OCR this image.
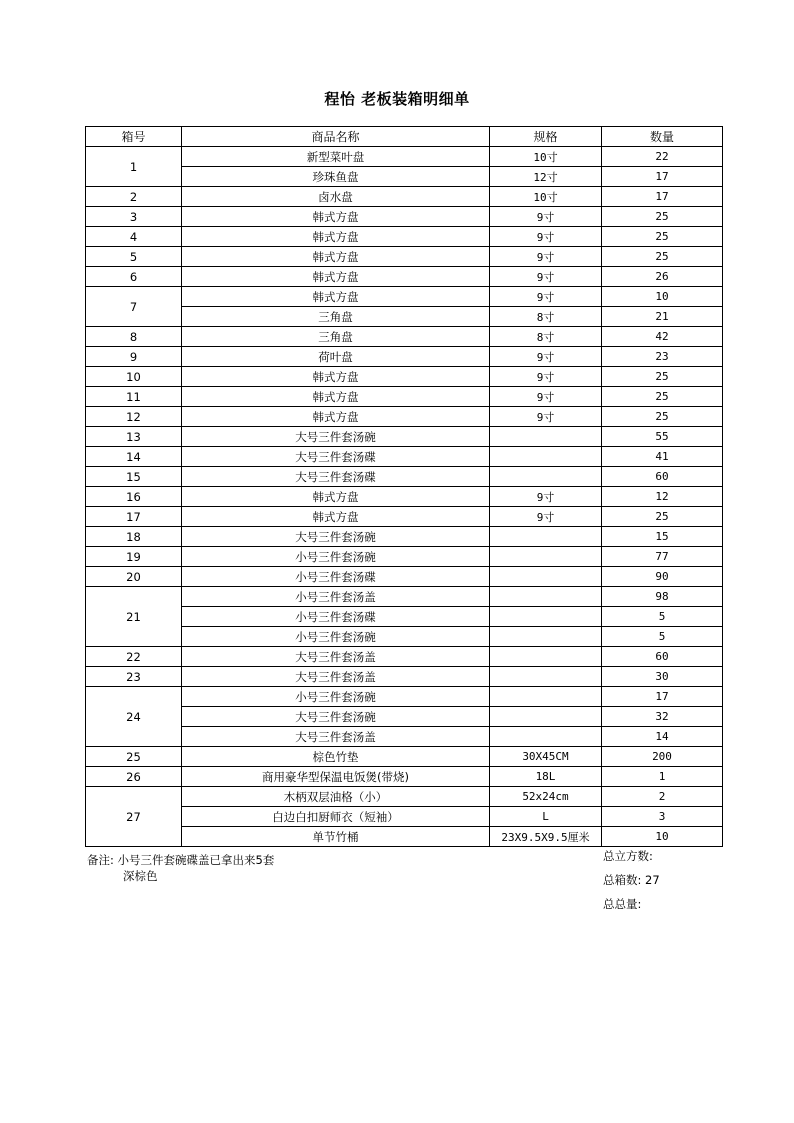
程怡 老板装箱明细单
箱号	商品名称	规格	数量
1	新型菜叶盘	10寸	22
	珍珠鱼盘	12寸	17
2	卤水盘	10寸	17
3	韩式方盘	9寸	25
4	韩式方盘	9寸	25
5	韩式方盘	9寸	25
6	韩式方盘	9寸	26
7	韩式方盘	9寸	10
	三角盘	8寸	21
8	三角盘	8寸	42
9	荷叶盘	9寸	23
10	韩式方盘	9寸	25
11	韩式方盘	9寸	25
12	韩式方盘	9寸	25
13	大号三件套汤碗		55
14	大号三件套汤碟		41
15	大号三件套汤碟		60
16	韩式方盘	9寸	12
17	韩式方盘	9寸	25
18	大号三件套汤碗		15
19	小号三件套汤碗		77
20	小号三件套汤碟		90
21	小号三件套汤盖		98
	小号三件套汤碟		5
	小号三件套汤碗		5
22	大号三件套汤盖		60
23	大号三件套汤盖		30
24	小号三件套汤碗		17
	大号三件套汤碗		32
	大号三件套汤盖		14
25	棕色竹垫	30X45CM	200
26	商用豪华型保温电饭煲(带烧)	18L	1
27	木柄双层油格（小）	52x24cm	2
	白边白扣厨师衣（短袖）	L	3
	单节竹桶	23X9.5X9.5厘米	10
备注: 小号三件套碗碟盖已拿出来5套
深棕色
总立方数:
总箱数: 27
总总量:
